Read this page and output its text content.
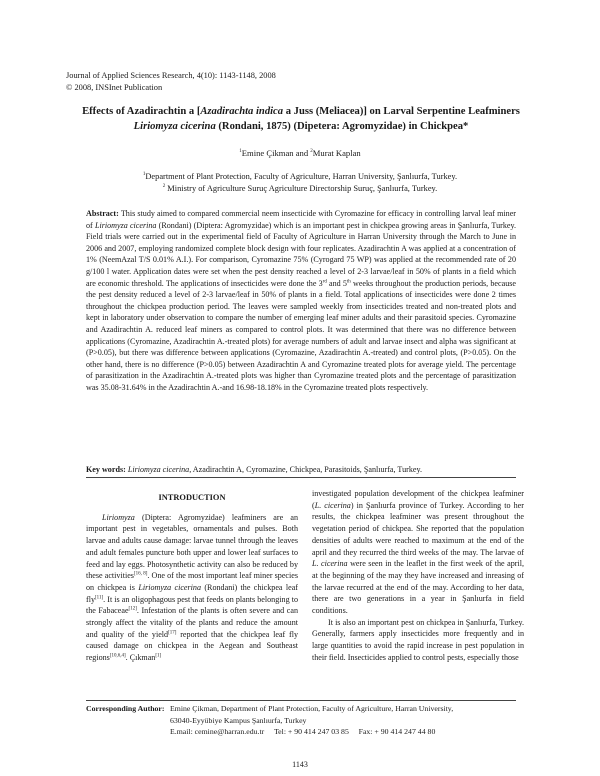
Journal of Applied Sciences Research, 4(10): 1143-1148, 2008
© 2008, INSInet Publication
Effects of Azadirachtin a [Azadirachta indica a Juss (Meliacea)] on Larval Serpentine Leafminers Liriomyza cicerina (Rondani, 1875) (Dipetera: Agromyzidae) in Chickpea*
$^1$Emine Çikman and $^2$Murat Kaplan
$^1$Department of Plant Protection, Faculty of Agriculture, Harran University, Şanlıurfa, Turkey.
$^2$ Ministry of Agriculture Suruç Agriculture Directorship Suruç, Şanlıurfa, Turkey.
Abstract: This study aimed to compared commercial neem insecticide with Cyromazine for efficacy in controlling larval leaf miner of Liriomyza cicerina (Rondani) (Diptera: Agromyzidae) which is an important pest in chickpea growing areas in Şanlıurfa, Turkey. Field trials were carried out in the experimental field of Faculty of Agriculture in Harran University through the March to June in 2006 and 2007, employing randomized complete block design with four replicates. Azadirachtin A was applied at a concentration of 1% (NeemAzal T/S 0.01% A.I.). For comparison, Cyromazine 75% (Cyrogard 75 WP) was applied at the recommended rate of 20 g/100 l water. Application dates were set when the pest density reached a level of 2-3 larvae/leaf in 50% of plants in a field which are economic threshold. The applications of insecticides were done the 3rd and 5th weeks throughout the production periods, because the pest density reduced a level of 2-3 larvae/leaf in 50% of plants in a field. Total applications of insecticides were done 2 times throughout the chickpea production period. The leaves were sampled weekly from insecticides treated and non-treated plots and kept in laboratory under observation to compare the number of emerging leaf miner adults and their parasitoid species. Cyromazine and Azadirachtin A. reduced leaf miners as compared to control plots. It was determined that there was no difference between applications (Cyromazine, Azadirachtin A.-treated plots) for average numbers of adult and larvae insect and alpha was significant at (P>0.05), but there was difference between applications (Cyromazine, Azadirachtin A.-treated) and control plots, (P>0.05). On the other hand, there is no difference (P>0.05) between Azadirachtin A and Cyromazine treated plots for average yield. The percentage of parasitization in the Azadirachtin A.-treated plots was higher than Cyromazine treated plots and the percentage of parasitization was 35.08-31.64% in the Azadirachtin A.-and 16.98-18.18% in the Cyromazine treated plots respectively.
Key words: Liriomyza cicerina, Azadirachtin A, Cyromazine, Chickpea, Parasitoids, Şanlıurfa, Turkey.
INTRODUCTION

Liriomyza (Diptera: Agromyzidae) leafminers are an important pest in vegetables, ornamentals and pulses. Both larvae and adults cause damage: larvae tunnel through the leaves and adult females puncture both upper and lower leaf surfaces to feed and lay eggs. Photosynthetic activity can also be reduced by these activities[16, 8]. One of the most important leaf miner species on chickpea is Liriomyza cicerina (Rondani) the chickpea leaf fly[11]. It is an oligophagous pest that feeds on plants belonging to the Fabaceae[12]. Infestation of the plants is often severe and can strongly affect the vitality of the plants and reduce the amount and quality of the yield[17] reported that the chickpea leaf fly caused damage on chickpea in the Aegean and Southeast regions[10,6,4]. Çıkman[1]

investigated population development of the chickpea leafminer (L. cicerina) in Şanlıurfa province of Turkey. According to her results, the chickpea leafminer was present throughout the vegetation period of chickpea. She reported that the population densities of adults were reached to maximum at the end of the april and they recurred the third weeks of the may. The larvae of L. cicerina were seen in the leaflet in the first week of the april, at the beginning of the may they have increased and inreasing of the larvae recurred at the end of the may. According to her data, there are two generations in a year in Şanlıurfa in field conditions.

It is also an important pest on chickpea in Şanlıurfa, Turkey. Generally, farmers apply insecticides more frequently and in large quantities to avoid the rapid increase in pest population in their field. Insecticides applied to control pests, especially those

Corresponding Author: Emine Çikman, Department of Plant Protection, Faculty of Agriculture, Harran University,
63040-Eyyübiye Kampus Şanlıurfa, Turkey
E.mail: cemine@harran.edu.tr Tel: + 90 414 247 03 85 Fax: + 90 414 247 44 80
1143
